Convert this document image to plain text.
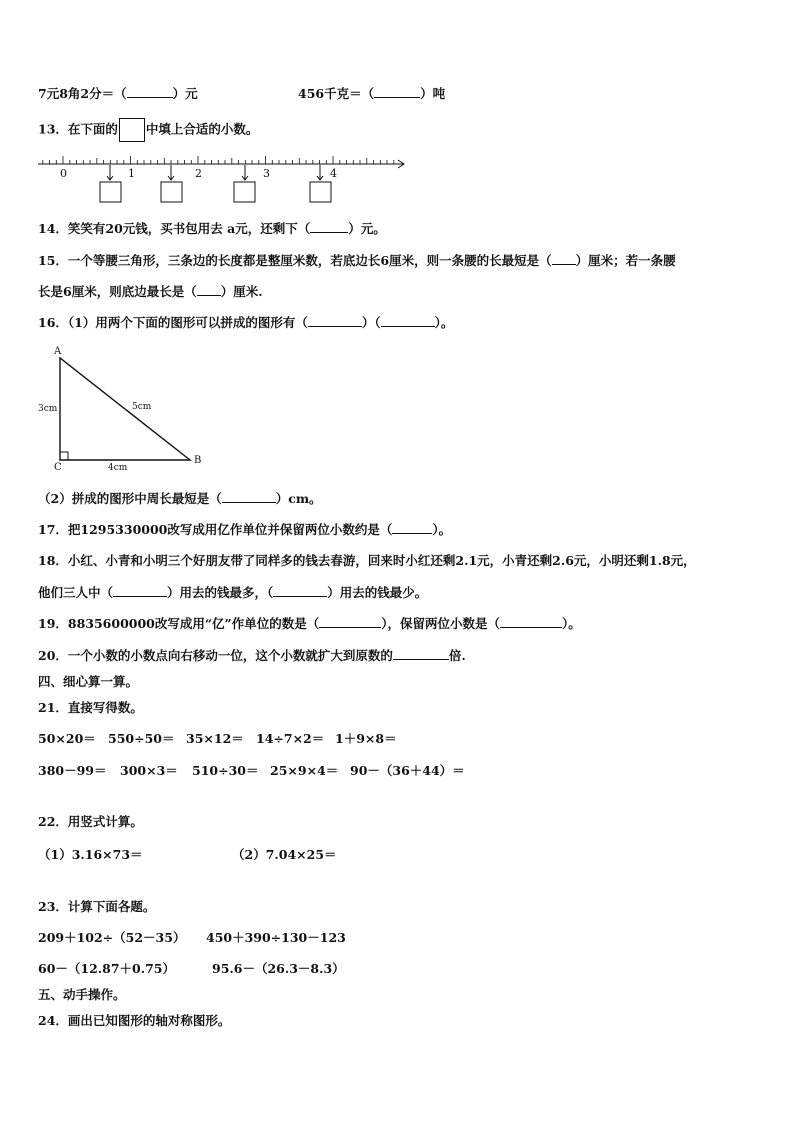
7元8角2分＝（	）元	456千克＝（	）吨
13．在下面的 中填上合适的小数。
0	1	2	3	4
14．笑笑有20元钱，买书包用去 a元，还剩下（	）元。
15．一个等腰三角形，三条边的长度都是整厘米数，若底边长6厘米，则一条腰的长最短是（ ）厘米；若一条腰
长是6厘米，则底边最长是（ ）厘米.
16．（1）用两个下面的图形可以拼成的图形有（	）（	）。
A
B
C
3cm
4cm
5cm
（2）拼成的图形中周长最短是（	）cm。
17．把1295330000改写成用亿作单位并保留两位小数约是（	）。
18．小红、小青和小明三个好朋友带了同样多的钱去春游，回来时小红还剩2.1元，小青还剩2.6元，小明还剩1.8元，
他们三人中（	）用去的钱最多，（	）用去的钱最少。
19．8835600000改写成用“亿”作单位的数是（	），保留两位小数是（	）。
20．一个小数的小数点向右移动一位，这个小数就扩大到原数的	倍.
四、细心算一算。
21．直接写得数。
50×20＝ 550÷50＝ 35×12＝ 14÷7×2＝ 1＋9×8＝
380－99＝ 300×3＝ 510÷30＝ 25×9×4＝ 90－（36＋44）＝
22．用竖式计算。
（1）3.16×73＝	（2）7.04×25＝
23．计算下面各题。
209＋102÷（52－35） 450＋390÷130－123
60－（12.87＋0.75）	95.6－（26.3－8.3）
五、动手操作。
24．画出已知图形的轴对称图形。
